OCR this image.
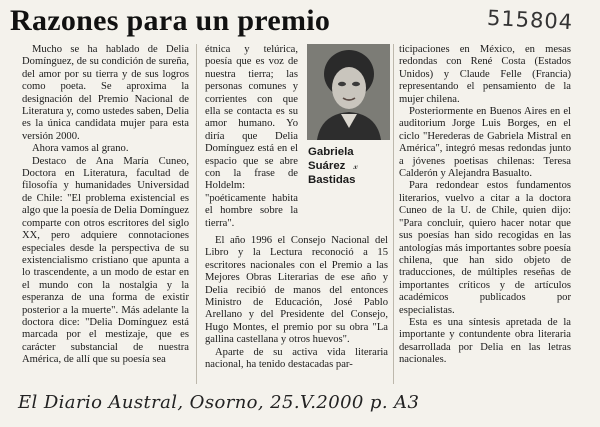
Razones para un premio	515804

Mucho se ha hablado de Delia Domínguez, de su condición de sureña, del amor por su tierra y de sus logros como poeta. Se aproxima la designación del Premio Nacional de Literatura y, como ustedes saben, Delia es la única candidata mujer para esta versión 2000.

Ahora vamos al grano.

Destaco de Ana María Cuneo, Doctora en Literatura, facultad de filosofía y humanidades Universidad de Chile: "El problema existencial es algo que la poesía de Delia Domínguez comparte con otros escritores del siglo XX, pero adquiere connotaciones especiales desde la perspectiva de su existencialismo cristiano que apunta a lo trascendente, a un modo de estar en el mundo con la nostalgia y la esperanza de una forma de existir posterior a la muerte". Más adelante la doctora dice: "Delia Domínguez está marcada por el mestizaje, que es carácter substancial de nuestra América, de allí que su poesía sea

étnica y telúrica, poesía que es voz de nuestra tierra; las personas comunes y corrientes con que ella se contacta es su amor humano. Yo diría que Delia Domínguez está en el espacio que se abre con la frase de Holdelm: "poéticamente habita el hombre sobre la tierra".

Gabriela Suárez 𝓍
Bastidas

El año 1996 el Consejo Nacional del Libro y la Lectura reconoció a 15 escritores nacionales con el Premio a las Mejores Obras Literarias de ese año y Delia recibió de manos del entonces Ministro de Educación, José Pablo Arellano y del Presidente del Consejo, Hugo Montes, el premio por su obra "La gallina castellana y otros huevos".

Aparte de su activa vida literaria nacional, ha tenido destacadas par-

ticipaciones en México, en mesas redondas con René Costa (Estados Unidos) y Claude Felle (Francia) representando el pensamiento de la mujer chilena.

Posteriormente en Buenos Aires en el auditorium Jorge Luis Borges, en el ciclo "Herederas de Gabriela Mistral en América", integró mesas redondas junto a jóvenes poetisas chilenas: Teresa Calderón y Alejandra Basualto.

Para redondear estos fundamentos literarios, vuelvo a citar a la doctora Cuneo de la U. de Chile, quien dijo: "Para concluir, quiero hacer notar que sus poesías han sido recogidas en las antologías más importantes sobre poesía chilena, que han sido objeto de traducciones, de múltiples reseñas de importantes críticos y de artículos académicos publicados por especialistas.

Esta es una síntesis apretada de la importante y contundente obra literaria desarrollada por Delia en las letras nacionales.

El Diario Austral, Osorno, 25.V.2000 p. A3
